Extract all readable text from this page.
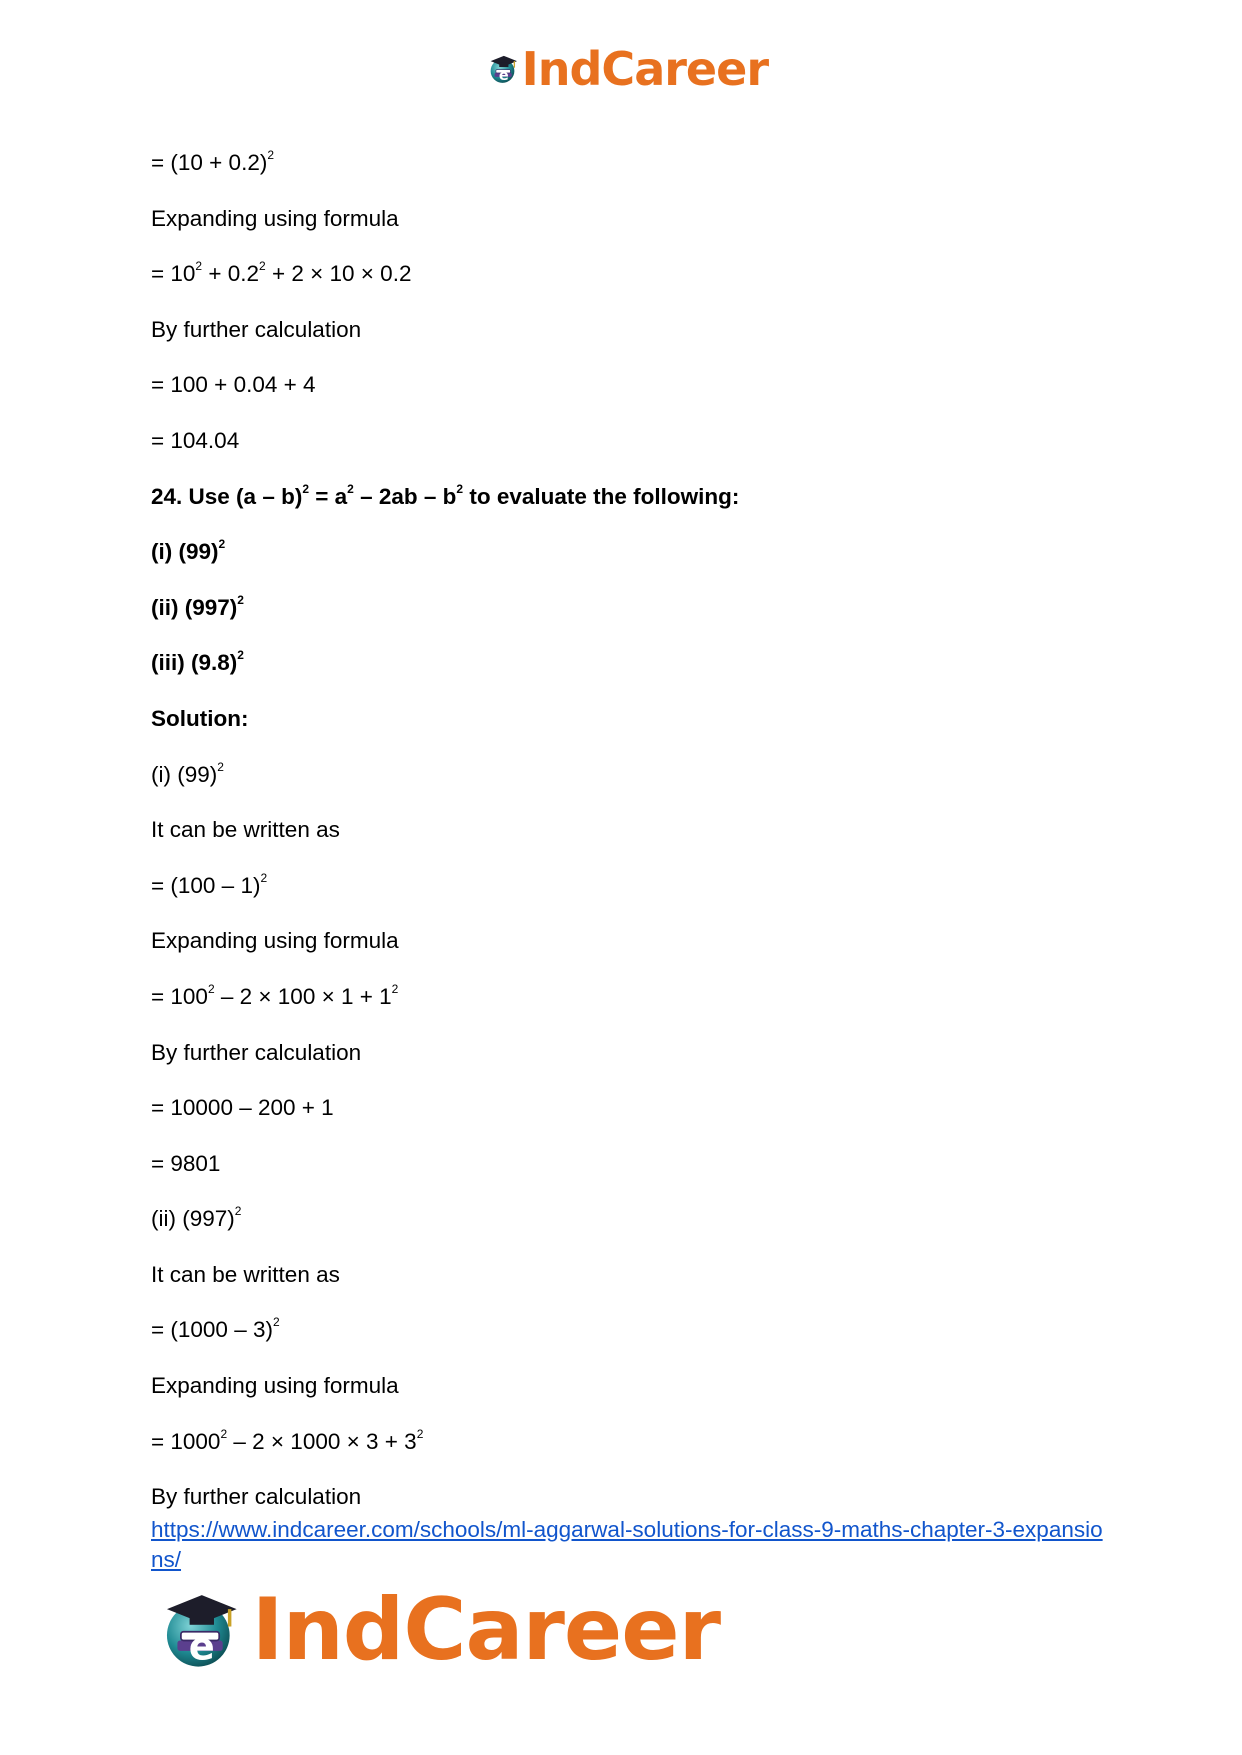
e IndCareer
= $(10 + 0.2)^2$
Expanding using formula
= $10^2 + 0.2^2 + 2 \times 10 \times 0.2$
By further calculation
= 100 + 0.04 + 4
= 104.04
24. Use $(a - b)^2 = a^2 - 2ab - b^2$ to evaluate the following:
(i) $(99)^2$
(ii) $(997)^2$
(iii) $(9.8)^2$
Solution:
(i) $(99)^2$
It can be written as
= (100 – 1)$^2$
Expanding using formula
= $100^2 - 2 \times 100 \times 1 + 1^2$
By further calculation
= 10000 – 200 + 1
= 9801
(ii) $(997)^2$
It can be written as
= (1000 – 3)$^2$
Expanding using formula
= $1000^2 - 2 \times 1000 \times 3 + 3^2$
By further calculation
https://www.indcareer.com/schools/ml-aggarwal-solutions-for-class-9-maths-chapter-3-expansions/
e IndCareer
